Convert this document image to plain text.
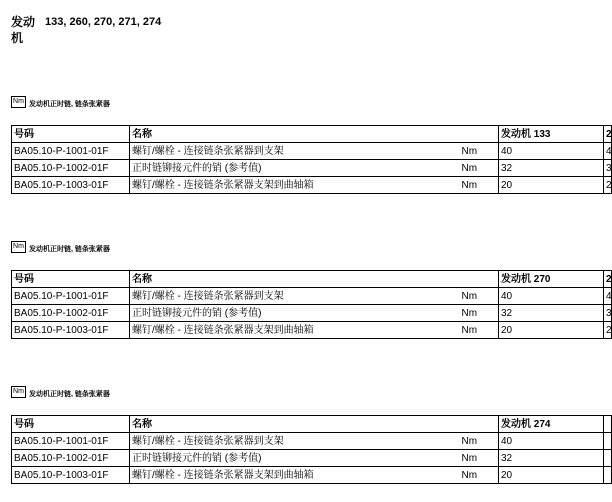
发动机
133, 260, 270, 271, 274
Nm 发动机正时链, 链条张紧器
号码	名称		发动机 133	2
BA05.10-P-1001-01F	螺钉/螺栓 - 连接链条张紧器到支架	Nm	40	4
BA05.10-P-1002-01F	正时链铆接元件的销 (参考值)	Nm	32	3
BA05.10-P-1003-01F	螺钉/螺栓 - 连接链条张紧器支架到曲轴箱	Nm	20	2
Nm 发动机正时链, 链条张紧器
号码	名称		发动机 270	2
BA05.10-P-1001-01F	螺钉/螺栓 - 连接链条张紧器到支架	Nm	40	4
BA05.10-P-1002-01F	正时链铆接元件的销 (参考值)	Nm	32	3
BA05.10-P-1003-01F	螺钉/螺栓 - 连接链条张紧器支架到曲轴箱	Nm	20	2
Nm 发动机正时链, 链条张紧器
号码	名称		发动机 274	
BA05.10-P-1001-01F	螺钉/螺栓 - 连接链条张紧器到支架	Nm	40	
BA05.10-P-1002-01F	正时链铆接元件的销 (参考值)	Nm	32	
BA05.10-P-1003-01F	螺钉/螺栓 - 连接链条张紧器支架到曲轴箱	Nm	20	
